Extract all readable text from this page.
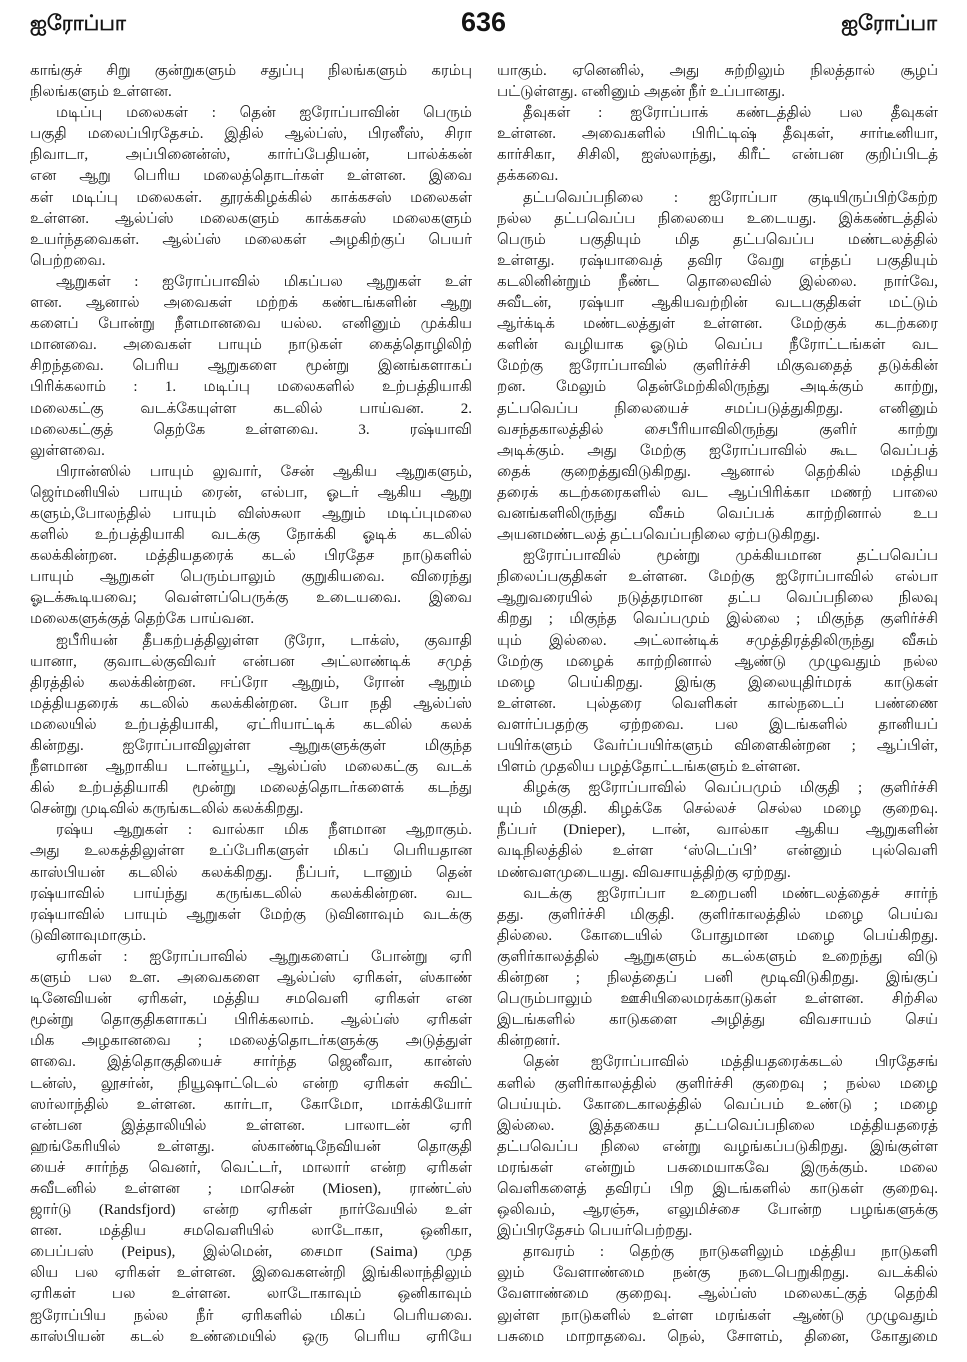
ஐரோப்பா	636	ஐரோப்பா
காங்குச் சிறு குன்றுகளும் சதுப்பு நிலங்களும் கரம்பு
நிலங்களும் உள்ளன.
மடிப்பு மலைகள் : தென் ஐரோப்பாவின் பெரும்
பகுதி மலைப்பிரதேசம். இதில் ஆல்ப்ஸ், பிரனீஸ், சிரா
நிவாடா, அப்பினைன்ஸ், கார்ப்பேதியன், பால்க்கன்
என ஆறு பெரிய மலைத்தொடர்கள் உள்ளன. இவை
கள் மடிப்பு மலைகள். தூரக்கிழக்கில் காக்கசஸ் மலைகள்
உள்ளன. ஆல்ப்ஸ் மலைகளும் காக்கசஸ் மலைகளும்
உயர்ந்தவைகள். ஆல்ப்ஸ் மலைகள் அழகிற்குப் பெயர்
பெற்றவை.
ஆறுகள் : ஐரோப்பாவில் மிகப்பல ஆறுகள் உள்
ளன. ஆனால் அவைகள் மற்றக் கண்டங்களின் ஆறு
களைப் போன்று நீளமானவை யல்ல. எனினும் முக்கிய
மானவை. அவைகள் பாயும் நாடுகள் கைத்தொழிலிற்
சிறந்தவை. பெரிய ஆறுகளை மூன்று இனங்களாகப்
பிரிக்கலாம் : 1. மடிப்பு மலைகளில் உற்பத்தியாகி
மலைகட்கு வடக்கேயுள்ள கடலில் பாய்வன. 2.
மலைகட்குத் தெற்கே உள்ளவை. 3. ரஷ்யாவி
லுள்ளவை.
பிரான்ஸில் பாயும் லுவார், சேன் ஆகிய ஆறுகளும்,
ஜெர்மனியில் பாயும் ரைன், எல்பா, ஓடர் ஆகிய ஆறு
களும்,போலந்தில் பாயும் விஸ்சுலா ஆறும் மடிப்புமலை
களில் உற்பத்தியாகி வடக்கு நோக்கி ஓடிக் கடலில்
கலக்கின்றன. மத்தியதரைக் கடல் பிரதேச நாடுகளில்
பாயும் ஆறுகள் பெரும்பாலும் குறுகியவை. விரைந்து
ஓடக்கூடியவை; வெள்ளப்பெருக்கு உடையவை. இவை
மலைகளுக்குத் தெற்கே பாய்வன.
ஐபீரியன் தீபகற்பத்திலுள்ள டூரோ, டாக்ஸ், குவாதி
யானா, குவாடல்குவிவர் என்பன அட்லாண்டிக் சமுத்
திரத்தில் கலக்கின்றன. ஈப்ரோ ஆறும், ரோன் ஆறும்
மத்தியதரைக் கடலில் கலக்கின்றன. போ நதி ஆல்ப்ஸ்
மலையில் உற்பத்தியாகி, ஏட்ரியாட்டிக் கடலில் கலக்
கின்றது. ஐரோப்பாவிலுள்ள ஆறுகளுக்குள் மிகுந்த
நீளமான ஆறாகிய டான்யூப், ஆல்ப்ஸ் மலைகட்கு வடக்
கில் உற்பத்தியாகி மூன்று மலைத்தொடர்களைக் கடந்து
சென்று முடிவில் கருங்கடலில் கலக்கிறது.
ரஷ்ய ஆறுகள் : வால்கா மிக நீளமான ஆறாகும்.
அது உலகத்திலுள்ள உப்பேரிகளுள் மிகப் பெரியதான
காஸ்பியன் கடலில் கலக்கிறது. நீப்பர், டானும் தென்
ரஷ்யாவில் பாய்ந்து கருங்கடலில் கலக்கின்றன. வட
ரஷ்யாவில் பாயும் ஆறுகள் மேற்கு டுவினாவும் வடக்கு
டுவினாவுமாகும்.
ஏரிகள் : ஐரோப்பாவில் ஆறுகளைப் போன்று ஏரி
களும் பல உள. அவைகளை ஆல்ப்ஸ் ஏரிகள், ஸ்காண்
டினேவியன் ஏரிகள், மத்திய சமவெளி ஏரிகள் என
மூன்று தொகுதிகளாகப் பிரிக்கலாம். ஆல்ப்ஸ் ஏரிகள்
மிக அழகானவை ; மலைத்தொடர்களுக்கு அடுத்துள்
ளவை. இத்தொகுதியைச் சார்ந்த ஜெனீவா, கான்ஸ்
டன்ஸ், லூசர்ன், நியூஷாட்டெல் என்ற ஏரிகள் சுவிட்
ஸர்லாந்தில் உள்ளன. கார்டா, கோமோ, மாக்கியோர்
என்பன இத்தாலியில் உள்ளன. பாலாடன் ஏரி
ஹங்கேரியில் உள்ளது. ஸ்காண்டிநேவியன் தொகுதி
யைச் சார்ந்த வெனர், வெட்டர், மாலார் என்ற ஏரிகள்
சுவீடனில் உள்ளன ; மாசென் (Miosen), ராண்ட்ஸ்
ஜார்டு (Randsfjord) என்ற ஏரிகள் நார்வேயில் உள்
ளன. மத்திய சமவெளியில் லாடோகா, ஒனிகா,
பைப்பஸ் (Peipus), இல்மென், சைமா (Saima) முத
லிய பல ஏரிகள் உள்ளன. இவைகளன்றி இங்கிலாந்திலும்
ஏரிகள் பல உள்ளன. லாடோகாவும் ஒனிகாவும்
ஐரோப்பிய நல்ல நீர் ஏரிகளில் மிகப் பெரியவை.
காஸ்பியன் கடல் உண்மையில் ஒரு பெரிய ஏரியே
யாகும். ஏனெனில், அது சுற்றிலும் நிலத்தால் சூழப்
பட்டுள்ளது. எனினும் அதன் நீர் உப்பானது.
தீவுகள் : ஐரோப்பாக் கண்டத்தில் பல தீவுகள்
உள்ளன. அவைகளில் பிரிட்டிஷ் தீவுகள், சார்டீனியா,
கார்சிகா, சிசிலி, ஐஸ்லாந்து, கிரீட் என்பன குறிப்பிடத்
தக்கவை.
தட்பவெப்பநிலை : ஐரோப்பா குடியிருப்பிற்கேற்ற
நல்ல தட்பவெப்ப நிலையை உடையது. இக்கண்டத்தில்
பெரும் பகுதியும் மித தட்பவெப்ப மண்டலத்தில்
உள்ளது. ரஷ்யாவைத் தவிர வேறு எந்தப் பகுதியும்
கடலினின்றும் நீண்ட தொலைவில் இல்லை. நார்வே,
சுவீடன், ரஷ்யா ஆகியவற்றின் வடபகுதிகள் மட்டும்
ஆர்க்டிக் மண்டலத்துள் உள்ளன. மேற்குக் கடற்கரை
களின் வழியாக ஓடும் வெப்ப நீரோட்டங்கள் வட
மேற்கு ஐரோப்பாவில் குளிர்ச்சி மிகுவதைத் தடுக்கின்
றன. மேலும் தென்மேற்கிலிருந்து அடிக்கும் காற்று,
தட்பவெப்ப நிலையைச் சமப்படுத்துகிறது. எனினும்
வசந்தகாலத்தில் சைபீரியாவிலிருந்து குளிர் காற்று
அடிக்கும். அது மேற்கு ஐரோப்பாவில் கூட வெப்பத்
தைக் குறைத்துவிடுகிறது. ஆனால் தெற்கில் மத்திய
தரைக் கடற்கரைகளில் வட ஆப்பிரிக்கா மணற் பாலை
வனங்களிலிருந்து வீசும் வெப்பக் காற்றினால் உப
அயனமண்டலத் தட்பவெப்பநிலை ஏற்படுகிறது.
ஐரோப்பாவில் மூன்று முக்கியமான தட்பவெப்ப
நிலைப்பகுதிகள் உள்ளன. மேற்கு ஐரோப்பாவில் எல்பா
ஆறுவரையில் நடுத்தரமான தட்ப வெப்பநிலை நிலவு
கிறது ; மிகுந்த வெப்பமும் இல்லை ; மிகுந்த குளிர்ச்சி
யும் இல்லை. அட்லான்டிக் சமுத்திரத்திலிருந்து வீசும்
மேற்கு மழைக் காற்றினால் ஆண்டு முழுவதும் நல்ல
மழை பெய்கிறது. இங்கு இலையுதிர்மரக் காடுகள்
உள்ளன. புல்தரை வெளிகள் கால்நடைப் பண்ணை
வளர்ப்பதற்கு ஏற்றவை. பல இடங்களில் தானியப்
பயிர்களும் வேர்ப்பயிர்களும் விளைகின்றன ; ஆப்பிள்,
பிளம் முதலிய பழத்தோட்டங்களும் உள்ளன.
கிழக்கு ஐரோப்பாவில் வெப்பமும் மிகுதி ; குளிர்ச்சி
யும் மிகுதி. கிழக்கே செல்லச் செல்ல மழை குறைவு.
நீப்பர் (Dnieper), டான், வால்கா ஆகிய ஆறுகளின்
வடிநிலத்தில் உள்ள ‘ஸ்டெப்பி’ என்னும் புல்வெளி
மண்வளமுடையது. விவசாயத்திற்கு ஏற்றது.
வடக்கு ஐரோப்பா உறைபனி மண்டலத்தைச் சார்ந்
தது. குளிர்ச்சி மிகுதி. குளிர்காலத்தில் மழை பெய்வ
தில்லை. கோடையில் போதுமான மழை பெய்கிறது.
குளிர்காலத்தில் ஆறுகளும் கடல்களும் உறைந்து விடு
கின்றன ; நிலத்தைப் பனி மூடிவிடுகிறது. இங்குப்
பெரும்பாலும் ஊசியிலைமரக்காடுகள் உள்ளன. சிற்சில
இடங்களில் காடுகளை அழித்து விவசாயம் செய்
கின்றனர்.
தென் ஐரோப்பாவில் மத்தியதரைக்கடல் பிரதேசங்
களில் குளிர்காலத்தில் குளிர்ச்சி குறைவு ; நல்ல மழை
பெய்யும். கோடைகாலத்தில் வெப்பம் உண்டு ; மழை
இல்லை. இத்தகைய தட்பவெப்பநிலை மத்தியதரைத்
தட்பவெப்ப நிலை என்று வழங்கப்படுகிறது. இங்குள்ள
மரங்கள் என்றும் பசுமையாகவே இருக்கும். மலை
வெளிகளைத் தவிரப் பிற இடங்களில் காடுகள் குறைவு.
ஒலிவம், ஆரஞ்சு, எலுமிச்சை போன்ற பழங்களுக்கு
இப்பிரதேசம் பெயர்பெற்றது.
தாவரம் : தெற்கு நாடுகளிலும் மத்திய நாடுகளி
லும் வேளாண்மை நன்கு நடைபெறுகிறது. வடக்கில்
வேளாண்மை குறைவு. ஆல்ப்ஸ் மலைகட்குத் தெற்கி
லுள்ள நாடுகளில் உள்ள மரங்கள் ஆண்டு முழுவதும்
பசுமை மாறாதவை. நெல், சோளம், தினை, கோதுமை
